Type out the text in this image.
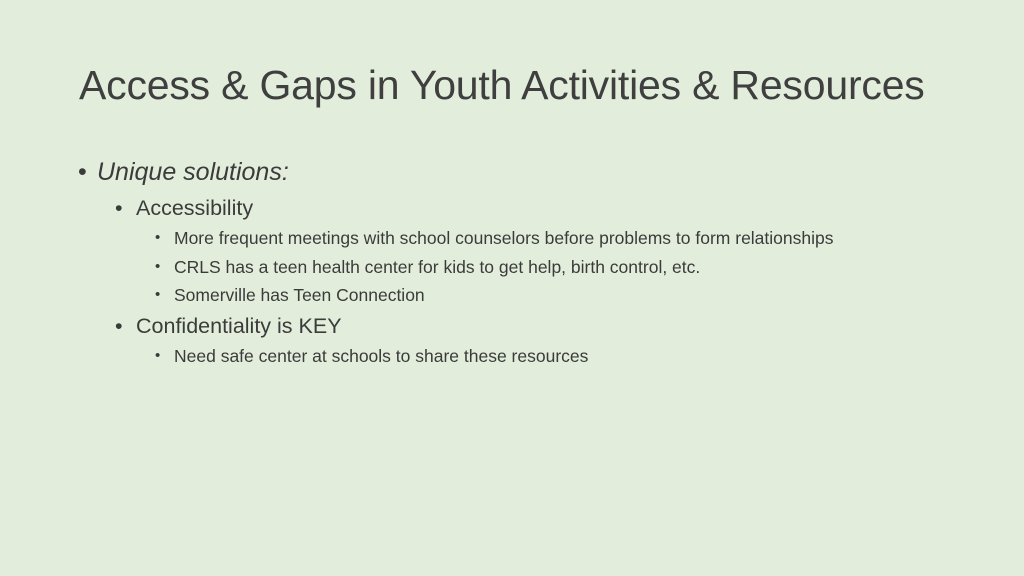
Access & Gaps in Youth Activities & Resources
• Unique solutions:
• Accessibility
• More frequent meetings with school counselors before problems to form relationships
• CRLS has a teen health center for kids to get help, birth control, etc.
• Somerville has Teen Connection
• Confidentiality is KEY
• Need safe center at schools to share these resources
